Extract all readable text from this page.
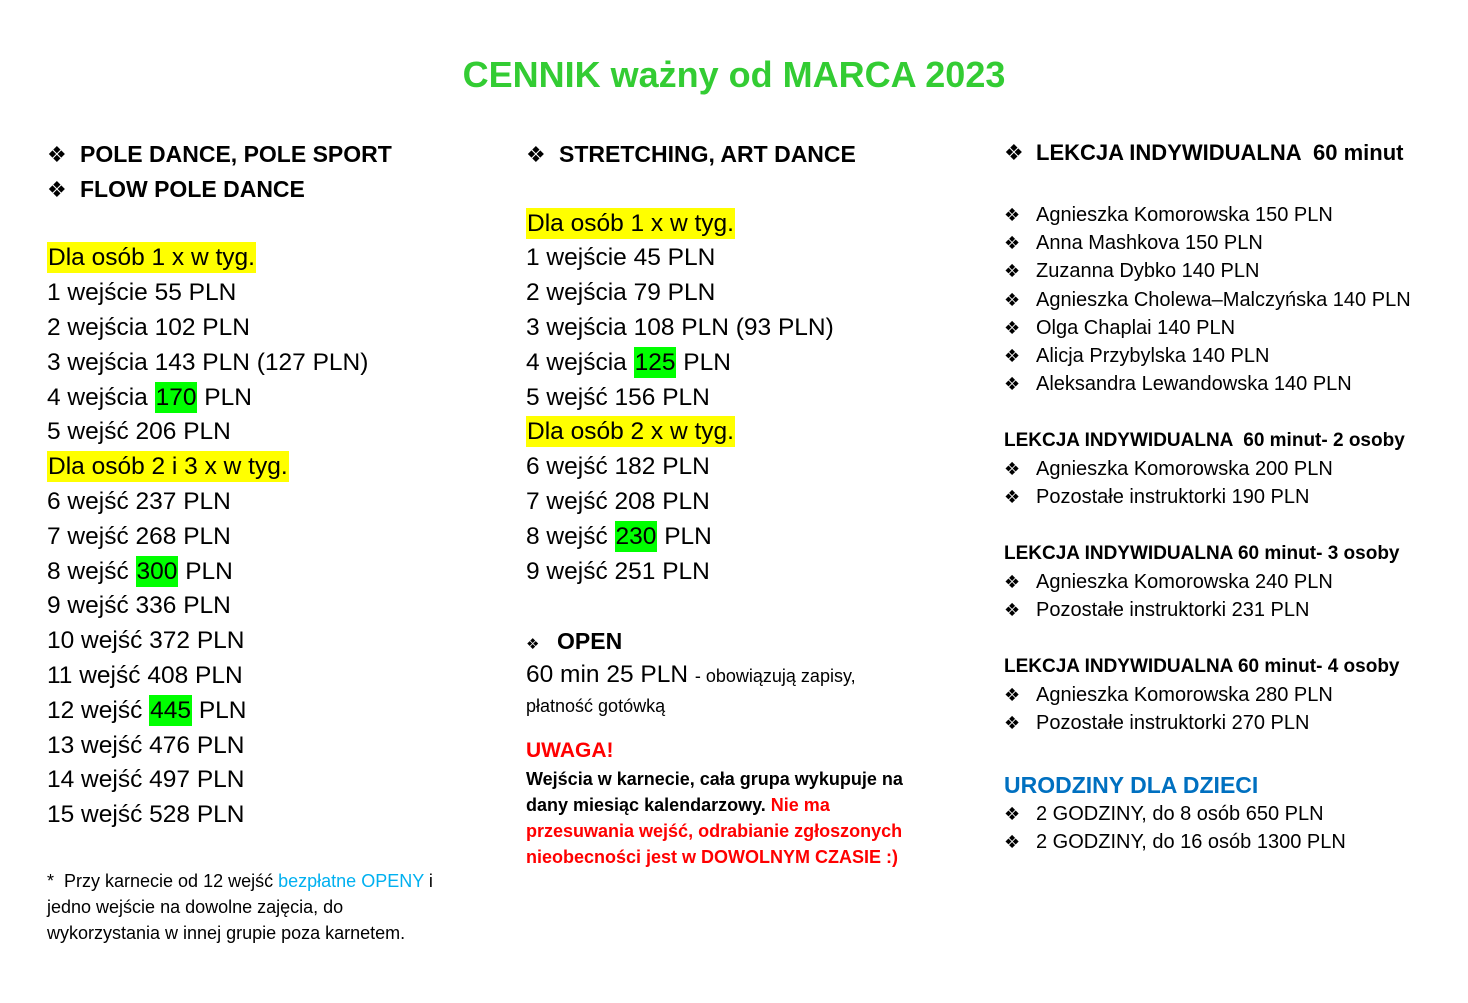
CENNIK ważny od MARCA 2023
❖POLE DANCE, POLE SPORT
❖FLOW POLE DANCE
Dla osób 1 x w tyg.
1 wejście 55 PLN
2 wejścia 102 PLN
3 wejścia 143 PLN (127 PLN)
4 wejścia 170 PLN
5 wejść 206 PLN
Dla osób 2 i 3 x w tyg.
6 wejść 237 PLN
7 wejść 268 PLN
8 wejść 300 PLN
9 wejść 336 PLN
10 wejść 372 PLN
11 wejść 408 PLN
12 wejść 445 PLN
13 wejść 476 PLN
14 wejść 497 PLN
15 wejść 528 PLN
*  Przy karnecie od 12 wejść bezpłatne OPENY i
jedno wejście na dowolne zajęcia, do
wykorzystania w innej grupie poza karnetem.
❖STRETCHING, ART DANCE
Dla osób 1 x w tyg.
1 wejście 45 PLN
2 wejścia 79 PLN
3 wejścia 108 PLN (93 PLN)
4 wejścia 125 PLN
5 wejść 156 PLN
Dla osób 2 x w tyg.
6 wejść 182 PLN
7 wejść 208 PLN
8 wejść 230 PLN
9 wejść 251 PLN
❖OPEN
60 min 25 PLN - obowiązują zapisy,
płatność gotówką
UWAGA!
Wejścia w karnecie, cała grupa wykupuje na
dany miesiąc kalendarzowy. Nie ma
przesuwania wejść, odrabianie zgłoszonych
nieobecności jest w DOWOLNYM CZASIE :)
❖LEKCJA INDYWIDUALNA  60 minut
❖Agnieszka Komorowska 150 PLN
❖Anna Mashkova 150 PLN
❖Zuzanna Dybko 140 PLN
❖Agnieszka Cholewa–Malczyńska 140 PLN
❖Olga Chaplai 140 PLN
❖Alicja Przybylska 140 PLN
❖Aleksandra Lewandowska 140 PLN
LEKCJA INDYWIDUALNA  60 minut- 2 osoby
❖Agnieszka Komorowska 200 PLN
❖Pozostałe instruktorki 190 PLN
LEKCJA INDYWIDUALNA 60 minut- 3 osoby
❖Agnieszka Komorowska 240 PLN
❖Pozostałe instruktorki 231 PLN
LEKCJA INDYWIDUALNA 60 minut- 4 osoby
❖Agnieszka Komorowska 280 PLN
❖Pozostałe instruktorki 270 PLN
URODZINY DLA DZIECI
❖2 GODZINY, do 8 osób 650 PLN
❖2 GODZINY, do 16 osób 1300 PLN
